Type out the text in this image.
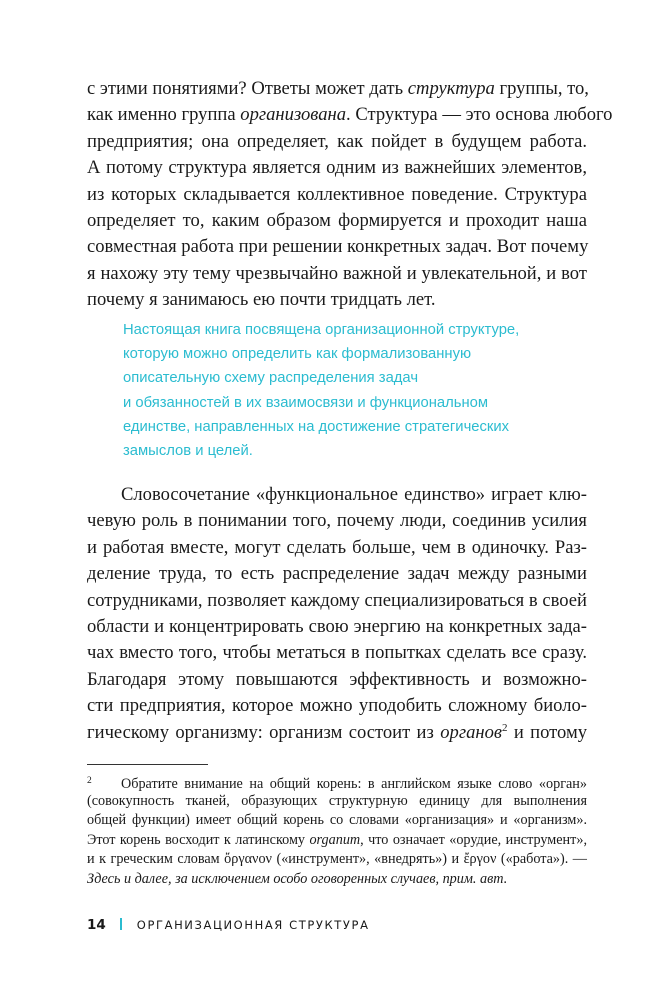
с этими понятиями? Ответы может дать структура группы, то,
как именно группа организована. Структура — это основа любого
предприятия; она определяет, как пойдет в будущем работа.
А потому структура является одним из важнейших элементов,
из которых складывается коллективное поведение. Структура
определяет то, каким образом формируется и проходит наша
совместная работа при решении конкретных задач. Вот почему
я нахожу эту тему чрезвычайно важной и увлекательной, и вот
почему я занимаюсь ею почти тридцать лет.
Настоящая книга посвящена организационной структуре,
которую можно определить как формализованную
описательную схему распределения задач
и обязанностей в их взаимосвязи и функциональном
единстве, направленных на достижение стратегических
замыслов и целей.
Словосочетание «функциональное единство» играет клю-
чевую роль в понимании того, почему люди, соединив усилия
и работая вместе, могут сделать больше, чем в одиночку. Раз-
деление труда, то есть распределение задач между разными
сотрудниками, позволяет каждому специализироваться в своей
области и концентрировать свою энергию на конкретных зада-
чах вместо того, чтобы метаться в попытках сделать все сразу.
Благодаря этому повышаются эффективность и возможно-
сти предприятия, которое можно уподобить сложному биоло-
гическому организму: организм состоит из органов$^2$ и потому
2 Обратите внимание на общий корень: в английском языке слово «орган»
(совокупность тканей, образующих структурную единицу для выполнения
общей функции) имеет общий корень со словами «организация» и «организм».
Этот корень восходит к латинскому organum, что означает «орудие, инструмент»,
и к греческим словам ὄργανον («инструмент», «внедрять») и ἔργον («работа»). —
Здесь и далее, за исключением особо оговоренных случаев, прим. авт.
14	ОРГАНИЗАЦИОННАЯ СТРУКТУРА
